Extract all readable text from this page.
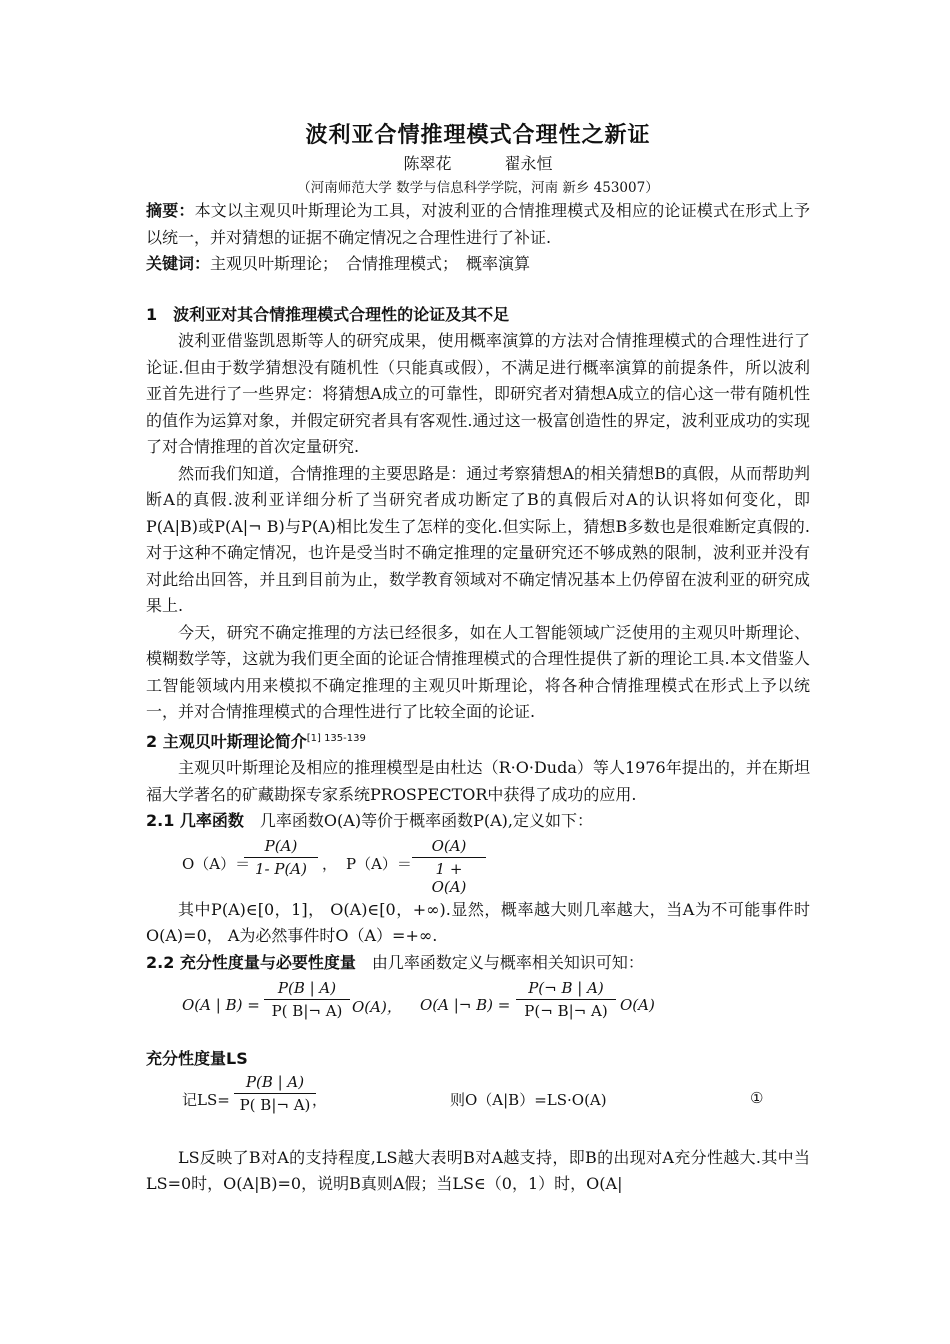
波利亚合情推理模式合理性之新证
陈翠花	翟永恒
（河南师范大学 数学与信息科学学院，河南 新乡 453007）

摘要：本文以主观贝叶斯理论为工具，对波利亚的合情推理模式及相应的论证模式在形式上予以统一，并对猜想的证据不确定情况之合理性进行了补证.

关键词：主观贝叶斯理论；　合情推理模式；　概率演算

1　波利亚对其合情推理模式合理性的论证及其不足

波利亚借鉴凯恩斯等人的研究成果，使用概率演算的方法对合情推理模式的合理性进行了论证.但由于数学猜想没有随机性（只能真或假），不满足进行概率演算的前提条件，所以波利亚首先进行了一些界定：将猜想A成立的可靠性，即研究者对猜想A成立的信心这一带有随机性的值作为运算对象，并假定研究者具有客观性.通过这一极富创造性的界定，波利亚成功的实现了对合情推理的首次定量研究.

然而我们知道，合情推理的主要思路是：通过考察猜想A的相关猜想B的真假，从而帮助判断A的真假.波利亚详细分析了当研究者成功断定了B的真假后对A的认识将如何变化，即P(A|B)或P(A|¬ B)与P(A)相比发生了怎样的变化.但实际上，猜想B多数也是很难断定真假的.对于这种不确定情况，也许是受当时不确定推理的定量研究还不够成熟的限制，波利亚并没有对此给出回答，并且到目前为止，数学教育领域对不确定情况基本上仍停留在波利亚的研究成果上.

今天，研究不确定推理的方法已经很多，如在人工智能领域广泛使用的主观贝叶斯理论、模糊数学等，这就为我们更全面的论证合情推理模式的合理性提供了新的理论工具.本文借鉴人工智能领域内用来模拟不确定推理的主观贝叶斯理论，将各种合情推理模式在形式上予以统一，并对合情推理模式的合理性进行了比较全面的论证.

2 主观贝叶斯理论简介$^{[1] 135-139}$

主观贝叶斯理论及相应的推理模型是由杜达（R·O·Duda）等人1976年提出的，并在斯坦福大学著名的矿藏勘探专家系统PROSPECTOR中获得了成功的应用.

2.1 几率函数　几率函数O(A)等价于概率函数P(A),定义如下：

O（A）＝
$\frac{P(A)}{1- P(A)}$ ， $P(A)= \frac{O(A)}{1 + O(A)}$

其中P(A)∈[0，1]， O(A)∈[0，+∞).显然，概率越大则几率越大，当A为不可能事件时O(A)=0， A为必然事件时O（A）=+∞.

2.2 充分性度量与必要性度量　由几率函数定义与概率相关知识可知：

O(A | $B) = \frac{P(B | A)}{P( B|\neg A)} O(A)$， O(A |¬ $B) = \frac{P(\neg B | A)}{P(\neg B|\neg A)} O(A)$

充分性度量LS

记$LS= \frac{P(B | A)}{P( B|\neg A)}$
，	则O（A|B）=LS·O(A)	①

LS反映了B对A的支持程度,LS越大表明B对A越支持，即B的出现对A充分性越大.其中当LS=0时，O(A|B)=0，说明B真则A假；当LS∈（0，1）时，O(A|
